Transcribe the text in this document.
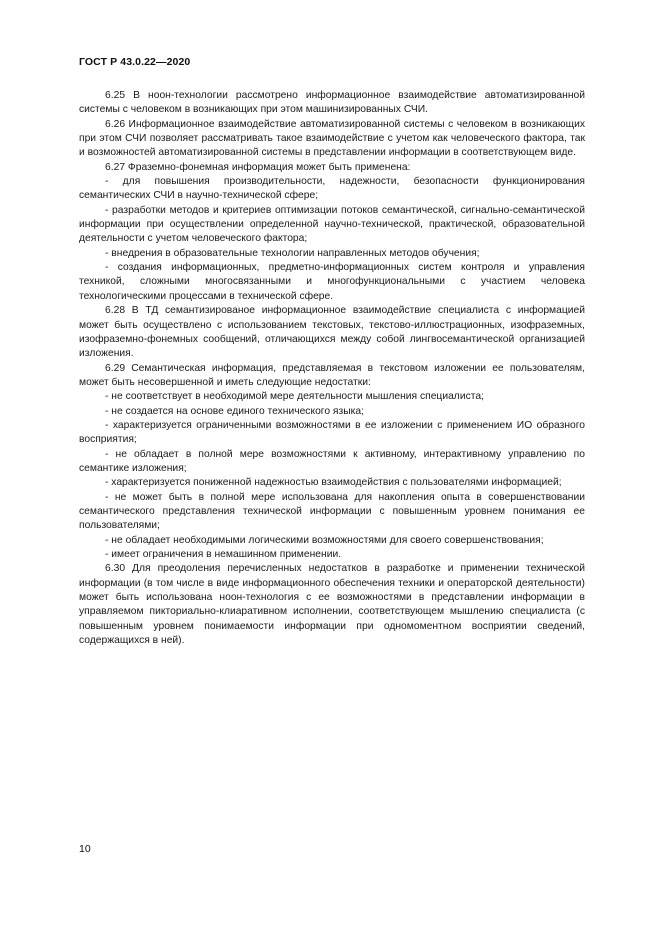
ГОСТ Р 43.0.22—2020

6.25 В ноон-технологии рассмотрено информационное взаимодействие автоматизированной системы с человеком в возникающих при этом машинизированных СЧИ.

6.26 Информационное взаимодействие автоматизированной системы с человеком в возникающих при этом СЧИ позволяет рассматривать такое взаимодействие с учетом как человеческого фактора, так и возможностей автоматизированной системы в представлении информации в соответствующем виде.

6.27 Фраземно-фонемная информация может быть применена:

- для повышения производительности, надежности, безопасности функционирования семантических СЧИ в научно-технической сфере;

- разработки методов и критериев оптимизации потоков семантической, сигнально-семантической информации при осуществлении определенной научно-технической, практической, образовательной деятельности с учетом человеческого фактора;

- внедрения в образовательные технологии направленных методов обучения;

- создания информационных, предметно-информационных систем контроля и управления техникой, сложными многосвязанными и многофункциональными с участием человека технологическими процессами в технической сфере.

6.28 В ТД семантизированое информационное взаимодействие специалиста с информацией может быть осуществлено с использованием текстовых, текстово-иллюстрационных, изофраземных, изофраземно-фонемных сообщений, отличающихся между собой лингвосемантической организацией изложения.

6.29 Семантическая информация, представляемая в текстовом изложении ее пользователям, может быть несовершенной и иметь следующие недостатки:

- не соответствует в необходимой мере деятельности мышления специалиста;

- не создается на основе единого технического языка;

- характеризуется ограниченными возможностями в ее изложении с применением ИО образного восприятия;

- не обладает в полной мере возможностями к активному, интерактивному управлению по семантике изложения;

- характеризуется пониженной надежностью взаимодействия с пользователями информацией;

- не может быть в полной мере использована для накопления опыта в совершенствовании семантического представления технической информации с повышенным уровнем понимания ее пользователями;

- не обладает необходимыми логическими возможностями для своего совершенствования;

- имеет ограничения в немашинном применении.

6.30 Для преодоления перечисленных недостатков в разработке и применении технической информации (в том числе в виде информационного обеспечения техники и операторской деятельности) может быть использована ноон-технология с ее возможностями в представлении информации в управляемом пиктoриально-клиаративном исполнении, соответствующем мышлению специалиста (с повышенным уровнем понимаемости информации при одномоментном восприятии сведений, содержащихся в ней).

10
